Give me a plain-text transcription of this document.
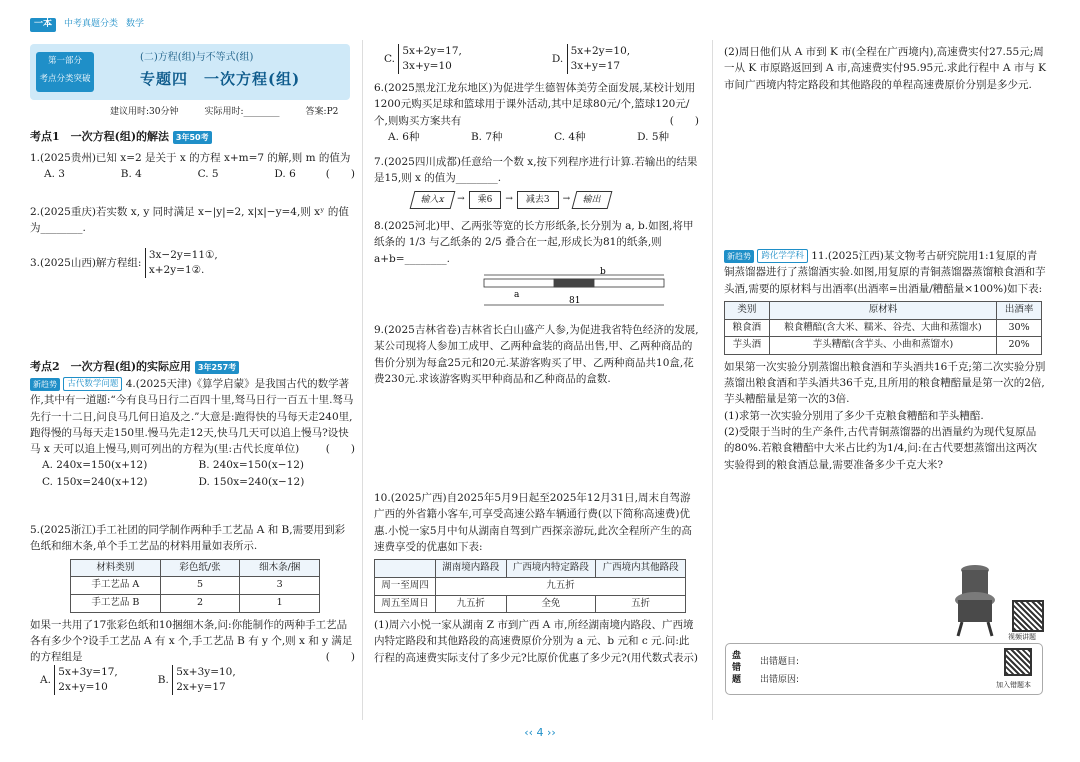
一本	中考真题分类 数学
第一部分
考点分类突破
(二)方程(组)与不等式(组)
专题四　一次方程(组)
建议用时:30分钟	实际用时:________	答案:P2
考点1　一次方程(组)的解法 3年50考
1.(2025贵州)已知 x=2 是关于 x 的方程 x+m=7 的解,则 m 的值为
(　　)
A. 3	B. 4	C. 5	D. 6
2.(2025重庆)若实数 x, y 同时满足 x−|y|=2, x|x|−y=4,则 xʸ 的值为________.
3.(2025山西)解方程组: 3x−2y=11①,
x+2y=1②.
考点2　一次方程(组)的实际应用 3年257考
新趋势 古代数学问题 4.(2025天津)《算学启蒙》是我国古代的数学著作,其中有一道题:“今有良马日行二百四十里,驽马日行一百五十里.驽马先行一十二日,问良马几何日追及之.”大意是:跑得快的马每天走240里,跑得慢的马每天走150里.慢马先走12天,快马几天可以追上慢马?设快马 x 天可以追上慢马,则可列出的方程为(里:古代长度单位)	(　　)
A. 240x=150(x+12)	B. 240x=150(x−12)
C. 150x=240(x+12)	D. 150x=240(x−12)
5.(2025浙江)手工社团的同学制作两种手工艺品 A 和 B,需要用到彩色纸和细木条,单个手工艺品的材料用量如表所示.
材料类别	彩色纸/张	细木条/捆
手工艺品 A	5	3
手工艺品 B	2	1
如果一共用了17张彩色纸和10捆细木条,问:你能制作的两种手工艺品各有多少个?设手工艺品 A 有 x 个,手工艺品 B 有 y 个,则 x 和 y 满足的方程组是	(　　)
A. 5x+3y=17,
2x+y=10
B. 5x+3y=10,
2x+y=17
C. 5x+2y=17,
3x+y=10
D. 5x+2y=10,
3x+y=17
6.(2025黑龙江龙东地区)为促进学生德智体美劳全面发展,某校计划用1200元购买足球和篮球用于课外活动,其中足球80元/个,篮球120元/个,则购买方案共有	(　　)
A. 6种	B. 7种	C. 4种	D. 5种
7.(2025四川成都)任意给一个数 x,按下列程序进行计算.若输出的结果是15,则 x 的值为________.
输入x	→	乘6	→	减去3	→	输出
8.(2025河北)甲、乙两张等宽的长方形纸条,长分别为 a, b.如图,将甲纸条的 1/3 与乙纸条的 2/5 叠合在一起,形成长为81的纸条,则 a+b=________.
b
a
81
9.(2025吉林省卷)吉林省长白山盛产人参,为促进我省特色经济的发展,某公司现将人参加工成甲、乙两种盒装的商品出售,甲、乙两种商品的售价分别为每盒25元和20元.某游客购买了甲、乙两种商品共10盒,花费230元.求该游客购买甲种商品和乙种商品的盒数.
10.(2025广西)自2025年5月9日起至2025年12月31日,周末自驾游广西的外省籍小客车,可享受高速公路车辆通行费(以下简称高速费)优惠.小悦一家5月中旬从湖南自驾到广西探亲游玩,此次全程所产生的高速费享受的优惠如下表:
	湖南境内路段	广西境内特定路段	广西境内其他路段
周一至周四	九五折		
周五至周日	九五折	全免	五折
(1)周六小悦一家从湖南 Z 市到广西 A 市,所经湖南境内路段、广西境内特定路段和其他路段的高速费原价分别为 a 元、b 元和 c 元.问:此行程的高速费实际支付了多少元?比原价优惠了多少元?(用代数式表示)
(2)周日他们从 A 市到 K 市(全程在广西境内),高速费实付27.55元;周一从 K 市原路返回到 A 市,高速费实付95.95元.求此行程中 A 市与 K 市间广西境内特定路段和其他路段的单程高速费原价分别是多少元.
新趋势 跨化学学科 11.(2025江西)某文物考古研究院用1:1复原的青铜蒸馏器进行了蒸馏酒实验.如图,用复原的青铜蒸馏器蒸馏粮食酒和芋头酒,需要的原材料与出酒率(出酒率=出酒量/糟醅量×100%)如下表:
类别	原材料	出酒率
粮食酒	粮食糟醅(含大米、糯米、谷壳、大曲和蒸馏水)	30%
芋头酒	芋头糟醅(含芋头、小曲和蒸馏水)	20%
如果第一次实验分别蒸馏出粮食酒和芋头酒共16千克;第二次实验分别蒸馏出粮食酒和芋头酒共36千克,且所用的粮食糟醅量是第一次的2倍,芋头糟醅量是第一次的3倍.
(1)求第一次实验分别用了多少千克粮食糟醅和芋头糟醅.
(2)受限于当时的生产条件,古代青铜蒸馏器的出酒量约为现代复原品的80%.若粮食糟醅中大米占比约为1/4,问:在古代要想蒸馏出这两次实验得到的粮食酒总量,需要准备多少千克大米?
视频讲题
盘错题
出错题目:
出错原因:	加入错题本
‹‹ 4 ››
